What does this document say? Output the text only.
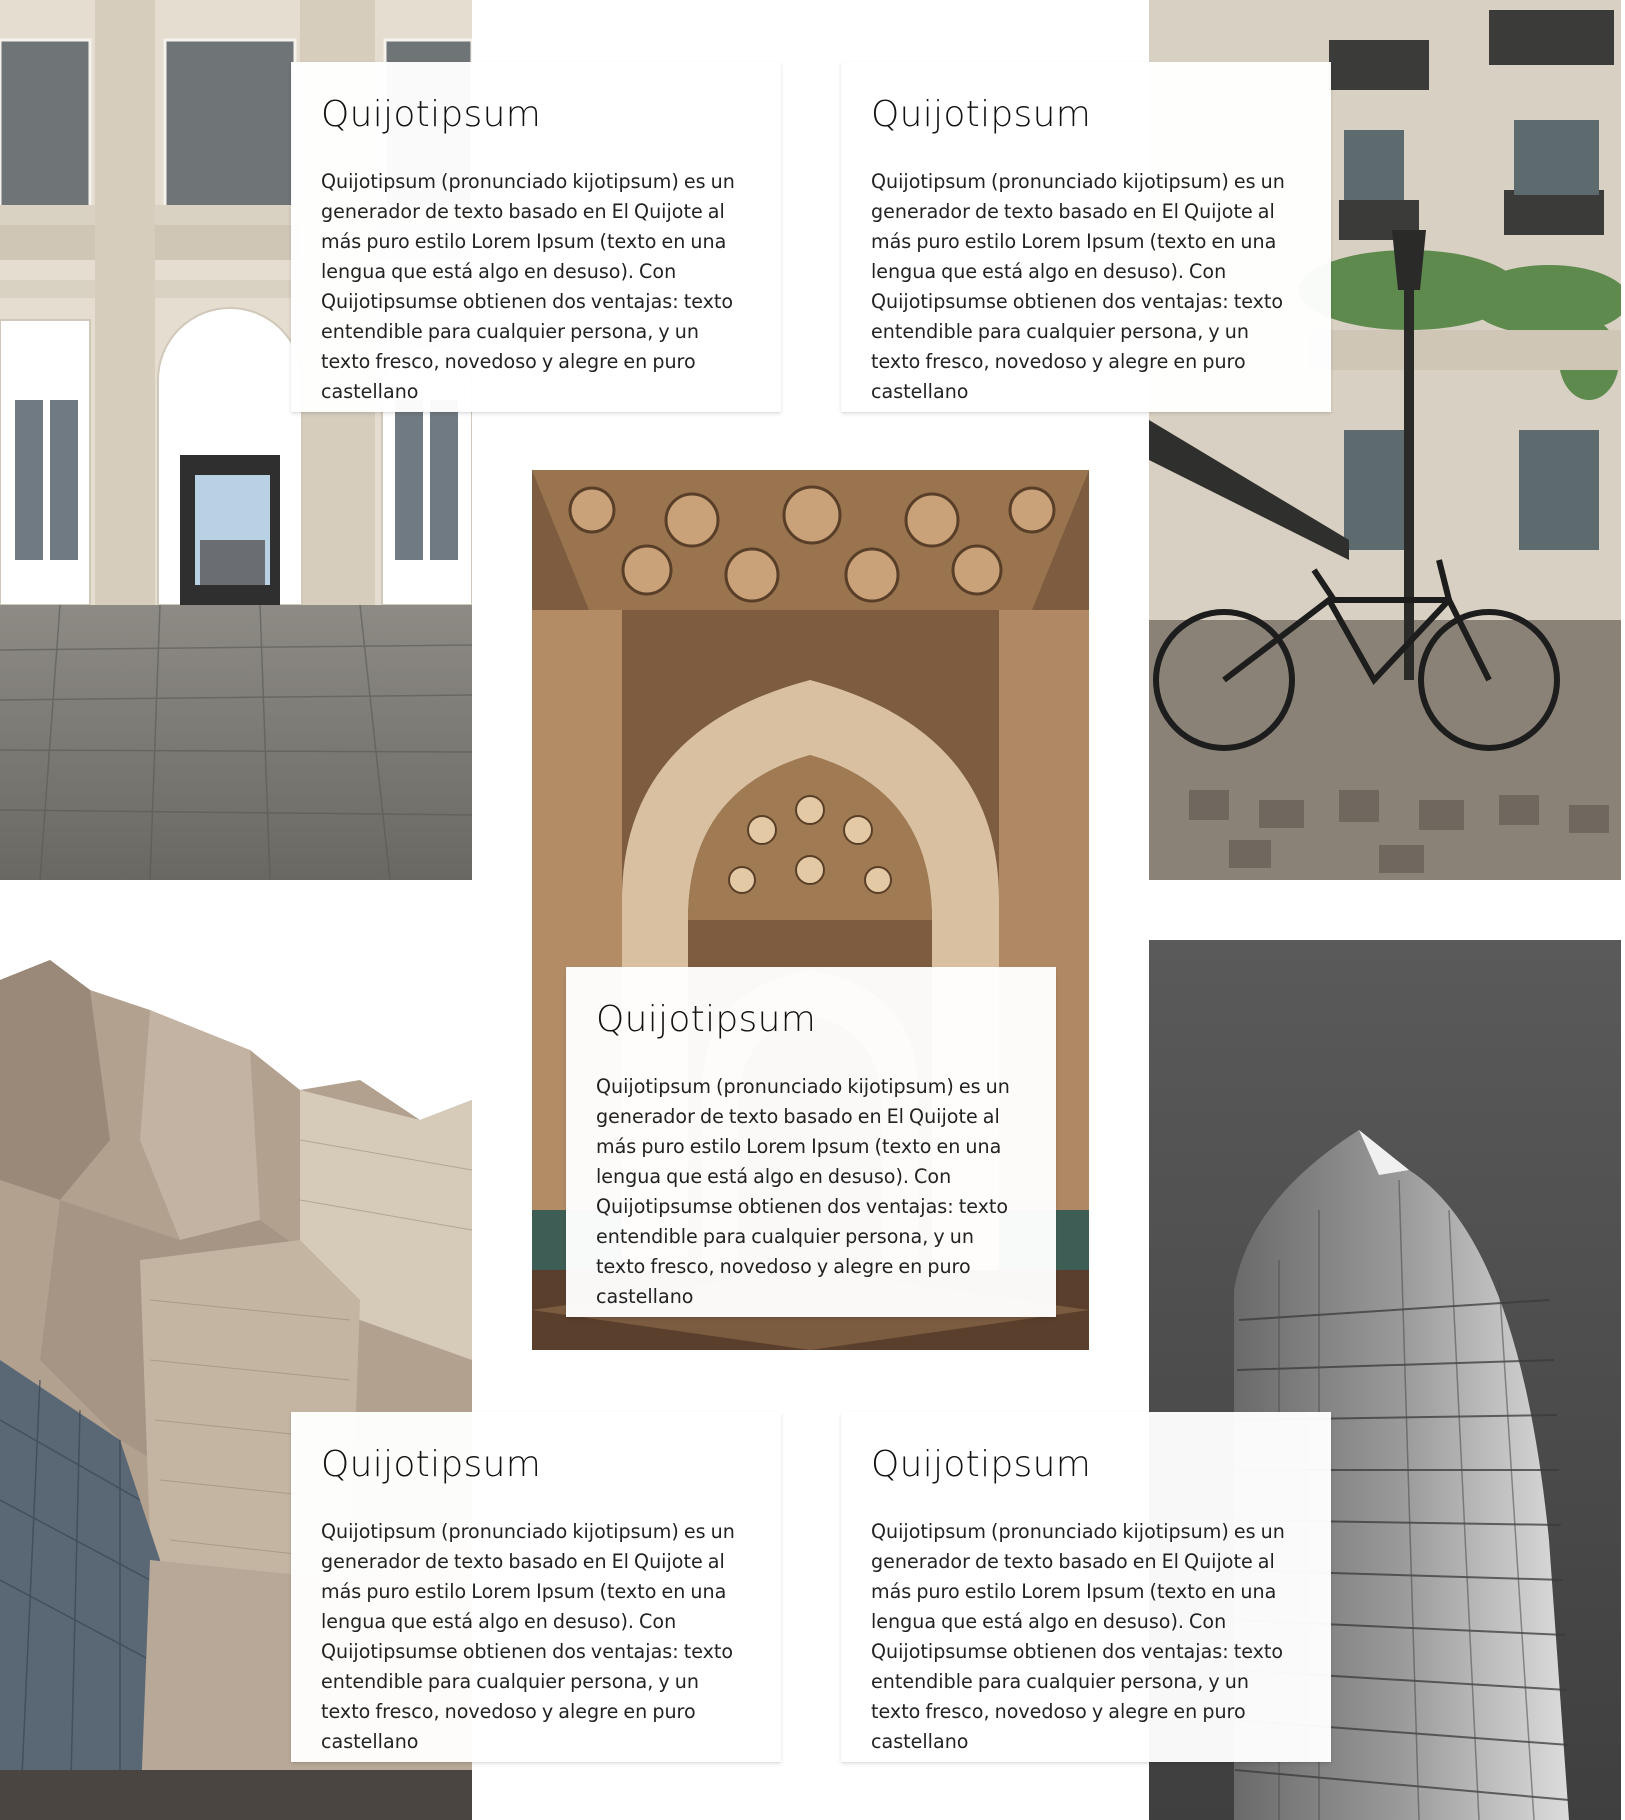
Quijotipsum

Quijotipsum (pronunciado kijotipsum) es un generador de texto basado en El Quijote al más puro estilo Lorem Ipsum (texto en una lengua que está algo en desuso). Con Quijotipsumse obtienen dos ventajas: texto entendible para cualquier persona, y un texto fresco, novedoso y alegre en puro castellano

Quijotipsum

Quijotipsum (pronunciado kijotipsum) es un generador de texto basado en El Quijote al más puro estilo Lorem Ipsum (texto en una lengua que está algo en desuso). Con Quijotipsumse obtienen dos ventajas: texto entendible para cualquier persona, y un texto fresco, novedoso y alegre en puro castellano

Quijotipsum

Quijotipsum (pronunciado kijotipsum) es un generador de texto basado en El Quijote al más puro estilo Lorem Ipsum (texto en una lengua que está algo en desuso). Con Quijotipsumse obtienen dos ventajas: texto entendible para cualquier persona, y un texto fresco, novedoso y alegre en puro castellano

Quijotipsum

Quijotipsum (pronunciado kijotipsum) es un generador de texto basado en El Quijote al más puro estilo Lorem Ipsum (texto en una lengua que está algo en desuso). Con Quijotipsumse obtienen dos ventajas: texto entendible para cualquier persona, y un texto fresco, novedoso y alegre en puro castellano

Quijotipsum

Quijotipsum (pronunciado kijotipsum) es un generador de texto basado en El Quijote al más puro estilo Lorem Ipsum (texto en una lengua que está algo en desuso). Con Quijotipsumse obtienen dos ventajas: texto entendible para cualquier persona, y un texto fresco, novedoso y alegre en puro castellano
